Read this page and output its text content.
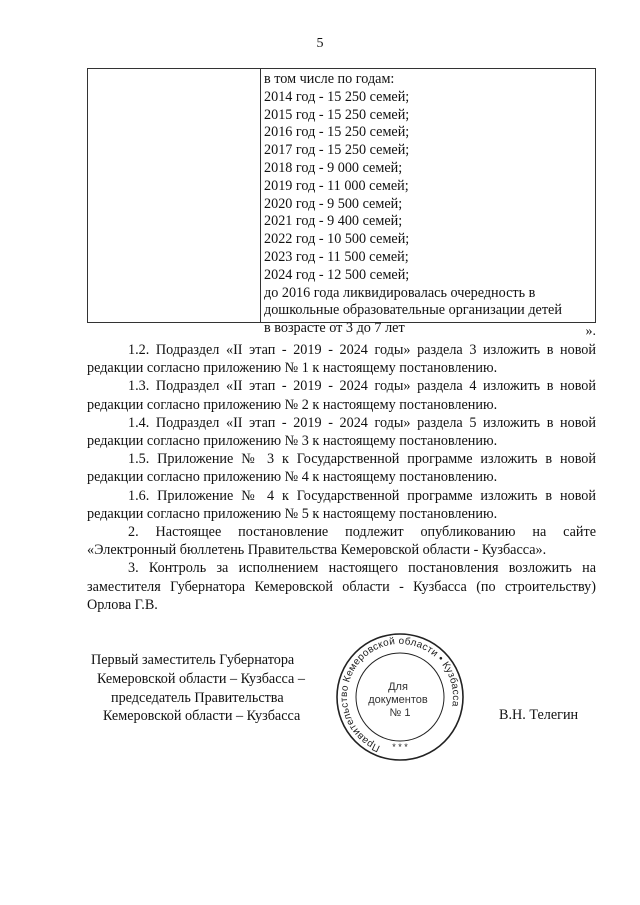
5
в том числе по годам:
2014 год - 15 250 семей;
2015 год - 15 250 семей;
2016 год - 15 250 семей;
2017 год - 15 250 семей;
2018 год - 9 000 семей;
2019 год - 11 000 семей;
2020 год - 9 500 семей;
2021 год - 9 400 семей;
2022 год - 10 500 семей;
2023 год - 11 500 семей;
2024 год - 12 500 семей;
до 2016 года ликвидировалась очередность в
дошкольные образовательные организации детей
в возрасте от 3 до 7 лет	».

1.2. Подраздел «II этап - 2019 - 2024 годы» раздела 3 изложить в новой редакции согласно приложению № 1 к настоящему постановлению.

1.3. Подраздел «II этап - 2019 - 2024 годы» раздела 4 изложить в новой редакции согласно приложению № 2 к настоящему постановлению.

1.4. Подраздел «II этап - 2019 - 2024 годы» раздела 5 изложить в новой редакции согласно приложению № 3 к настоящему постановлению.

1.5. Приложение № 3 к Государственной программе изложить в новой редакции согласно приложению № 4 к настоящему постановлению.

1.6. Приложение № 4 к Государственной программе изложить в новой редакции согласно приложению № 5 к настоящему постановлению.

2. Настоящее постановление подлежит опубликованию на сайте «Электронный бюллетень Правительства Кемеровской области - Кузбасса».

3. Контроль за исполнением настоящего постановления возложить на заместителя Губернатора Кемеровской области - Кузбасса (по строительству) Орлова Г.В.

Первый заместитель Губернатора
Кемеровской области – Кузбасса –
председатель Правительства
Кемеровской области – Кузбасса
Правительство Кемеровской области • Кузбасса
* * *
Для
документов
№ 1	В.Н. Телегин
